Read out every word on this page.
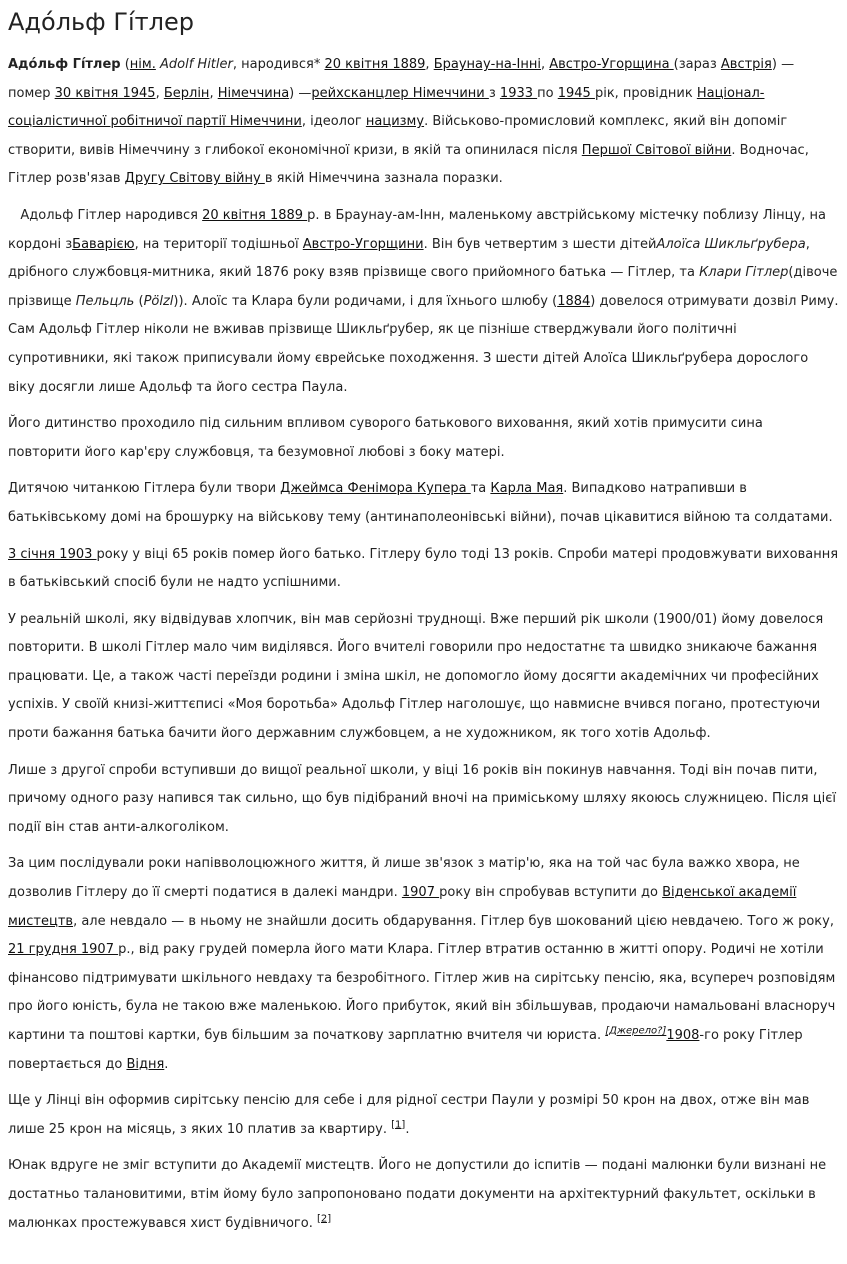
Адо́льф Гі́тлер

Адо́льф Гі́тлер (нім. Adolf Hitler, народився* 20 квітня 1889, Браунау-на-Інні, Австро-Угорщина (зараз Австрія) — помер 30 квітня 1945, Берлін, Німеччина) —рейхсканцлер Німеччини з 1933 по 1945 рік, провідник Націонал-соціалістичної робітничої партії Німеччини, ідеолог нацизму. Військово-промисловий комплекс, який він допоміг створити, вивів Німеччину з глибокої економічної кризи, в якій та опинилася після Першої Світової війни. Водночас, Гітлер розв'язав Другу Світову війну в якій Німеччина зазнала поразки.

Адольф Гітлер народився 20 квітня 1889 р. в Браунау-ам-Інн, маленькому австрійському містечку поблизу Лінцу, на кордоні зБаварією, на території тодішньої Австро-Угорщини. Він був четвертим з шести дітейАлоїса Шикльґрубера, дрібного службовця-митника, який 1876 року взяв прізвище свого прийомного батька — Гітлер, та Клари Гітлер(дівоче прізвище Пельцль (Pölzl)). Алоїс та Клара були родичами, і для їхнього шлюбу (1884) довелося отримувати дозвіл Риму. Сам Адольф Гітлер ніколи не вживав прізвище Шикльґрубер, як це пізніше стверджували його політичні супротивники, які також приписували йому єврейське походження. З шести дітей Алоїса Шикльґрубера дорослого віку досягли лише Адольф та його сестра Паула.

Його дитинство проходило під сильним впливом суворого батькового виховання, який хотів примусити сина повторити його кар'єру службовця, та безумовної любові з боку матері.

Дитячою читанкою Гітлера були твори Джеймса Фенімора Купера та Карла Мая. Випадково натрапивши в батьківському домі на брошурку на військову тему (антинаполеонівські війни), почав цікавитися війною та солдатами.

3 січня 1903 року у віці 65 років помер його батько. Гітлеру було тоді 13 років. Спроби матері продовжувати виховання в батьківський спосіб були не надто успішними.

У реальній школі, яку відвідував хлопчик, він мав серйозні труднощі. Вже перший рік школи (1900/01) йому довелося повторити. В школі Гітлер мало чим виділявся. Його вчителі говорили про недостатнє та швидко зникаюче бажання працювати. Це, а також часті переїзди родини і зміна шкіл, не допомогло йому досягти академічних чи професійних успіхів. У своїй книзі-життєписі «Моя боротьба» Адольф Гітлер наголошує, що навмисне вчився погано, протестуючи проти бажання батька бачити його державним службовцем, а не художником, як того хотів Адольф.

Лише з другої спроби вступивши до вищої реальної школи, у віці 16 років він покинув навчання. Тоді він почав пити, причому одного разу напився так сильно, що був підібраний вночі на приміському шляху якоюсь служницею. Після цієї події він став анти-алкоголіком.

За цим послідували роки напівволоцюжного життя, й лише зв'язок з матір'ю, яка на той час була важко хвора, не дозволив Гітлеру до її смерті податися в далекі мандри. 1907 року він спробував вступити до Віденської академії мистецтв, але невдало — в ньому не знайшли досить обдарування. Гітлер був шокований цією невдачею. Того ж року, 21 грудня 1907 р., від раку грудей померла його мати Клара. Гітлер втратив останню в житті опору. Родичі не хотіли фінансово підтримувати шкільного невдаху та безробітного. Гітлер жив на сирітську пенсію, яка, всупереч розповідям про його юність, була не такою вже маленькою. Його прибуток, який він збільшував, продаючи намальовані власноруч картини та поштові картки, був більшим за початкову зарплатню вчителя чи юриста. [Джерело?]1908-го року Гітлер повертається до Відня.

Ще у Лінці він оформив сирітську пенсію для себе і для рідної сестри Паули у розмірі 50 крон на двох, отже він мав лише 25 крон на місяць, з яких 10 платив за квартиру. [1].

Юнак вдруге не зміг вступити до Академії мистецтв. Його не допустили до іспитів — подані малюнки були визнані не достатньо талановитими, втім йому було запропоновано подати документи на архітектурний факультет, оскільки в малюнках простежувався хист будівничого. [2]
